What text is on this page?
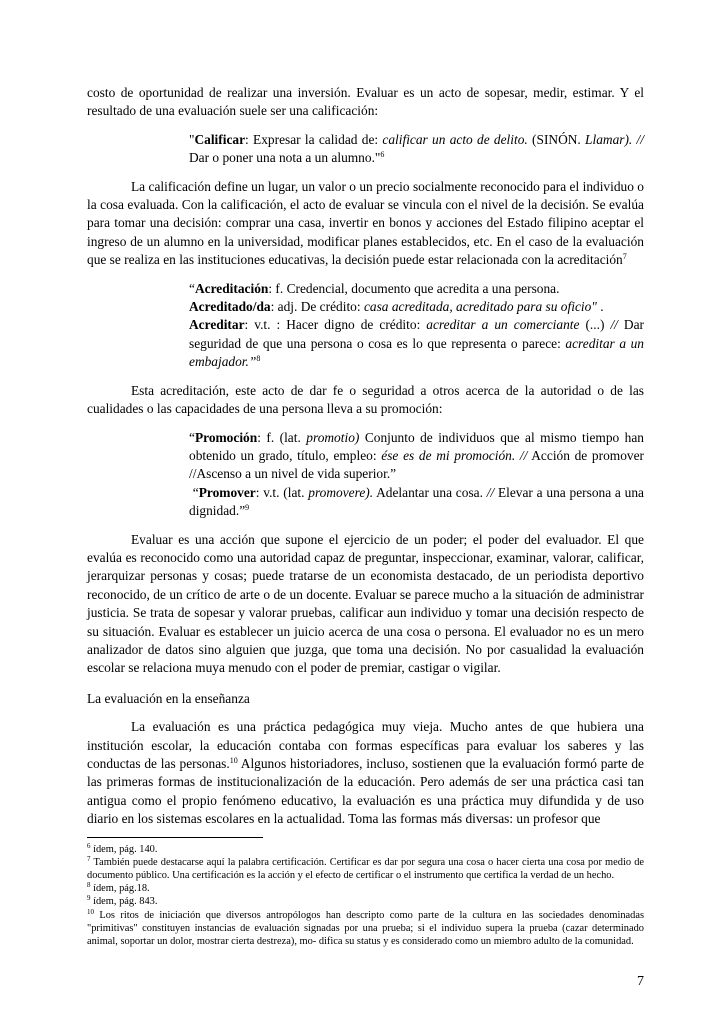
costo de oportunidad de realizar una inversión. Evaluar es un acto de sopesar, medir, estimar. Y el resultado de una evaluación suele ser una calificación:

"Calificar: Expresar la calidad de: calificar un acto de delito. (SINÓN. Llamar). // Dar o poner una nota a un alumno."$^6$

La calificación define un lugar, un valor o un precio socialmente reconocido para el individuo o la cosa evaluada. Con la calificación, el acto de evaluar se vincula con el nivel de la decisión. Se evalúa para tomar una decisión: comprar una casa, invertir en bonos y acciones del Estado filipino aceptar el ingreso de un alumno en la universidad, modificar planes establecidos, etc. En el caso de la evaluación que se realiza en las instituciones educativas, la decisión puede estar relacionada con la acreditación$^7$

“Acreditación: f. Credencial, documento que acredita a una persona.

Acreditado/da: adj. De crédito: casa acreditada, acreditado para su oficio" .

Acreditar: v.t. : Hacer digno de crédito: acreditar a un comerciante (...) // Dar seguridad de que una persona o cosa es lo que representa o parece: acreditar a un embajador.”$^8$

Esta acreditación, este acto de dar fe o seguridad a otros acerca de la autoridad o de las cualidades o las capacidades de una persona lleva a su promoción:

“Promoción: f. (lat. promotio) Conjunto de individuos que al mismo tiempo han obtenido un grado, título, empleo: ése es de mi promoción. // Acción de promover //Ascenso a un nivel de vida superior.”

“Promover: v.t. (lat. promovere). Adelantar una cosa. // Elevar a una persona a una dignidad.”$^9$

Evaluar es una acción que supone el ejercicio de un poder; el poder del evaluador. El que evalúa es reconocido como una autoridad capaz de preguntar, inspeccionar, examinar, valorar, calificar, jerarquizar personas y cosas; puede tratarse de un economista destacado, de un periodista deportivo reconocido, de un crítico de arte o de un docente. Evaluar se parece mucho a la situación de administrar justicia. Se trata de sopesar y valorar pruebas, calificar aun individuo y tomar una decisión respecto de su situación. Evaluar es establecer un juicio acerca de una cosa o persona. El evaluador no es un mero analizador de datos sino alguien que juzga, que toma una decisión. No por casualidad la evaluación escolar se relaciona muya menudo con el poder de premiar, castigar o vigilar.

La evaluación en la enseñanza

La evaluación es una práctica pedagógica muy vieja. Mucho antes de que hubiera una institución escolar, la educación contaba con formas específicas para evaluar los saberes y las conductas de las personas.$^{10}$ Algunos historiadores, incluso, sostienen que la evaluación formó parte de las primeras formas de institucionalización de la educación. Pero además de ser una práctica casi tan antigua como el propio fenómeno educativo, la evaluación es una práctica muy difundida y de uso diario en los sistemas escolares en la actualidad. Toma las formas más diversas: un profesor que

$^6$ ídem, pág. 140.

$^7$ También puede destacarse aquí la palabra certificación. Certificar es dar por segura una cosa o hacer cierta una cosa por medio de documento público. Una certificación es la acción y el efecto de certificar o el instrumento que certifica la verdad de un hecho.

$^8$ ídem, pág.18.

$^9$ ídem, pág. 843.

$^{10}$ Los ritos de iniciación que diversos antropólogos han descripto como parte de la cultura en las sociedades denominadas "primitivas" constituyen instancias de evaluación signadas por una prueba; si el individuo supera la prueba (cazar determinado animal, soportar un dolor, mostrar cierta destreza), mo- difica su status y es considerado como un miembro adulto de la comunidad.

7
